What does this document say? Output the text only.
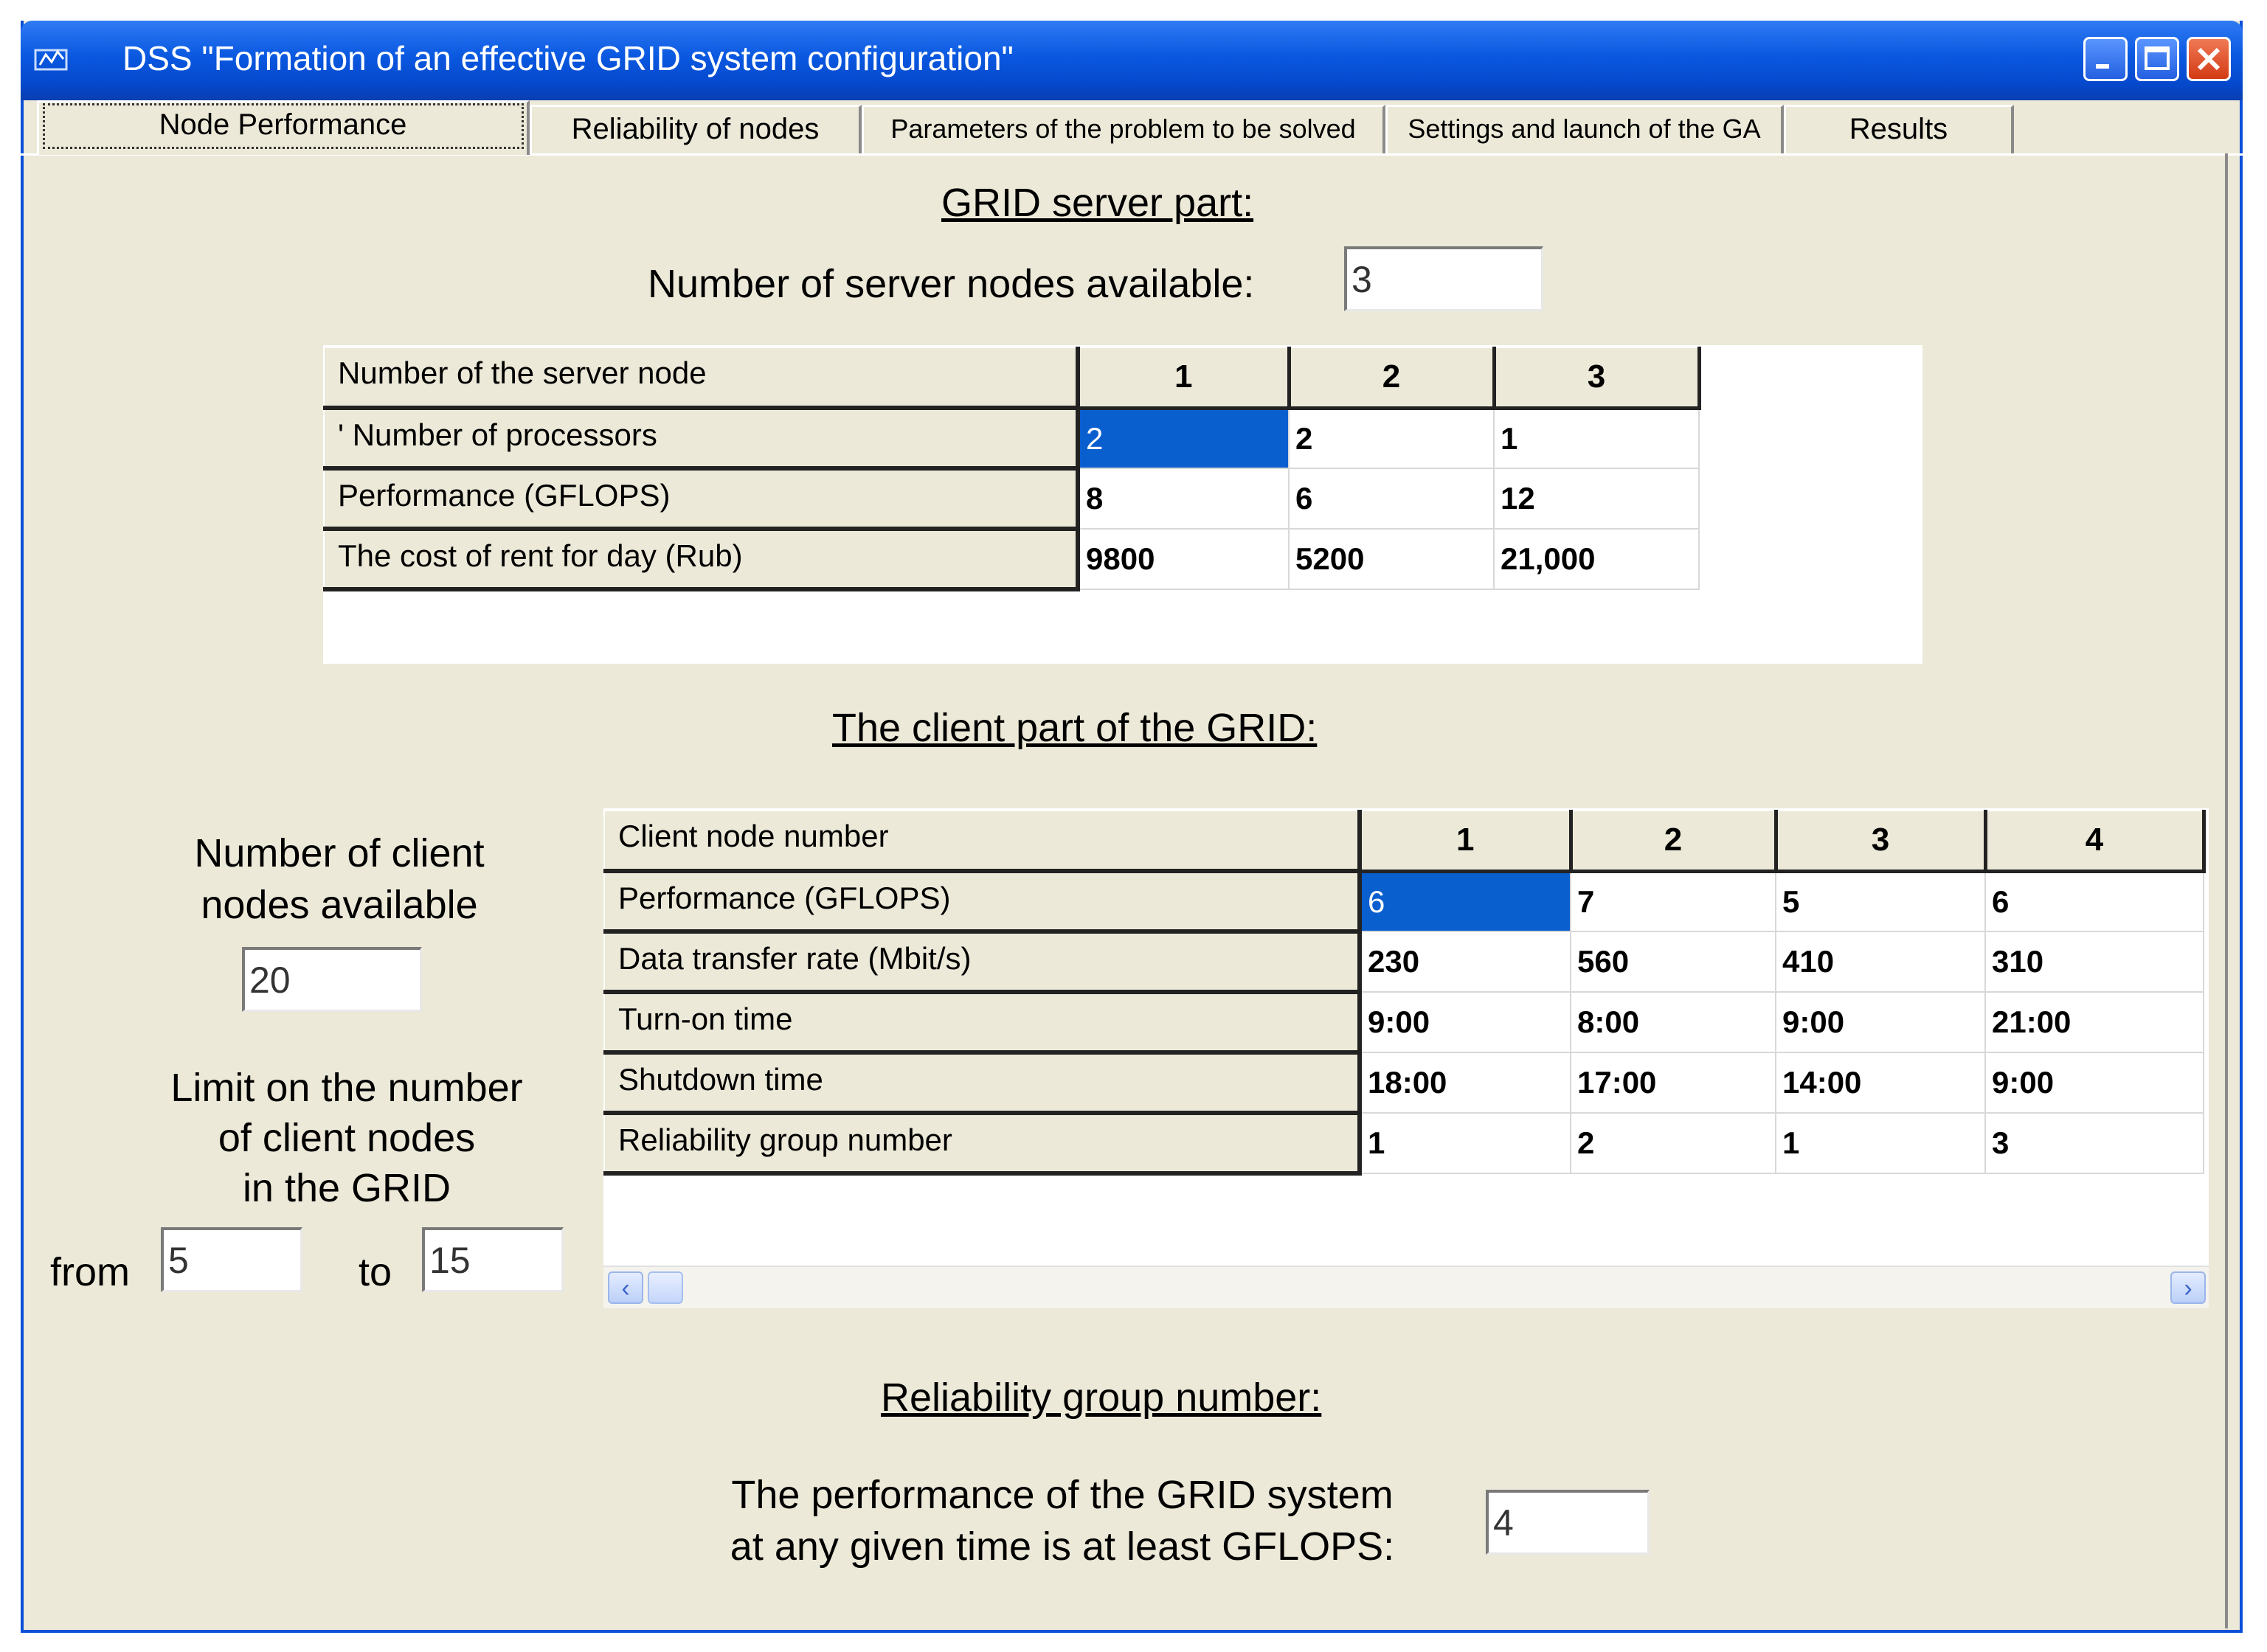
DSS "Formation of an effective GRID system configuration"
Node Performance	Reliability of nodes	Parameters of the problem to be solved	Settings and launch of the GA	Results
GRID server part:
Number of server nodes available:
3
Number of the server node	1	2	3
' Number of processors	2	2	1
Performance (GFLOPS)	8	6	12
The cost of rent for day (Rub)	9800	5200	21,000
The client part of the GRID:
Number of client
nodes available
20
Limit on the number
of client nodes
in the GRID
from
5	to
15
Client node number	1	2	3	4
Performance (GFLOPS)	6	7	5	6
Data transfer rate (Mbit/s)	230	560	410	310
Turn-on time	9:00	8:00	9:00	21:00
Shutdown time	18:00	17:00	14:00	9:00
Reliability group number	1	2	1	3
‹	›
Reliability group number:
The performance of the GRID system
at any given time is at least GFLOPS:
4
